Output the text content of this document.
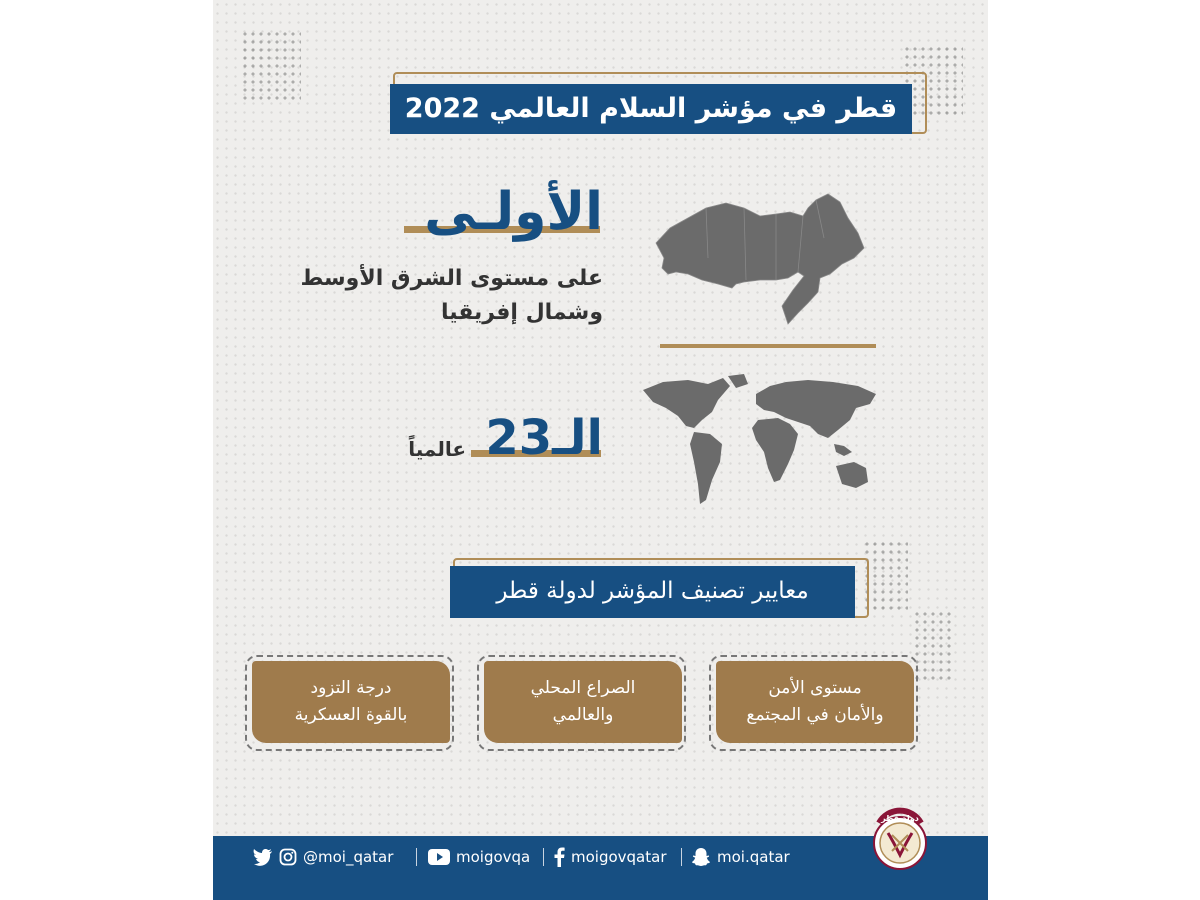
قطر في مؤشر السلام العالمي 2022
الأولـى
على مستوى الشرق الأوسط
وشمال إفريقيا
الـ23
عالمياً
معايير تصنيف المؤشر لدولة قطر
مستوى الأمن
والأمان في المجتمع
الصراع المحلي
والعالمي
درجة التزود
بالقوة العسكرية
@moi_qatar	moigovqa	moigovqatar	moi.qatar
دولة قطر
